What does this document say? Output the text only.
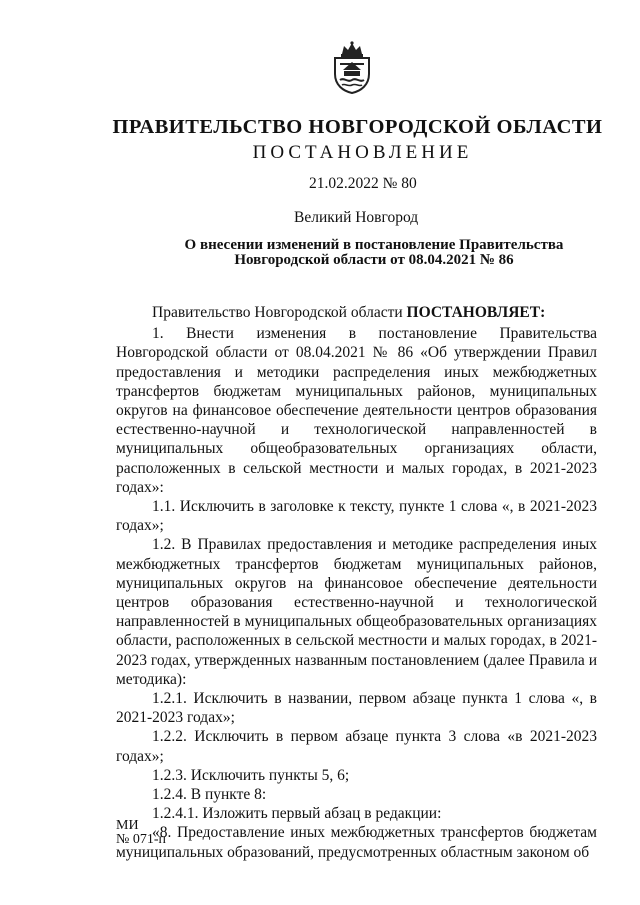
ПРАВИТЕЛЬСТВО НОВГОРОДСКОЙ ОБЛАСТИ
ПОСТАНОВЛЕНИЕ
21.02.2022 № 80
Великий Новгород
О внесении изменений в постановление Правительства
Новгородской области от 08.04.2021 № 86

Правительство Новгородской области ПОСТАНОВЛЯЕТ:

1. Внести изменения в постановление Правительства Новгородской области от 08.04.2021 № 86 «Об утверждении Правил предоставления и методики распределения иных межбюджетных трансфертов бюджетам муниципальных районов, муниципальных округов на финансовое обеспечение деятельности центров образования естественно-научной и технологической направленностей в муниципальных общеобразовательных организациях области, расположенных в сельской местности и малых городах, в 2021-2023 годах»:

1.1. Исключить в заголовке к тексту, пункте 1 слова «, в 2021-2023 годах»;

1.2. В Правилах предоставления и методике распределения иных межбюджетных трансфертов бюджетам муниципальных районов, муниципальных округов на финансовое обеспечение деятельности центров образования естественно-научной и технологической направленностей в муниципальных общеобразовательных организациях области, расположенных в сельской местности и малых городах, в 2021-2023 годах, утвержденных названным постановлением (далее Правила и методика):

1.2.1. Исключить в названии, первом абзаце пункта 1 слова «, в 2021-2023 годах»;

1.2.2. Исключить в первом абзаце пункта 3 слова «в 2021-2023 годах»;

1.2.3. Исключить пункты 5, 6;

1.2.4. В пункте 8:

1.2.4.1. Изложить первый абзац в редакции:

«8. Предоставление иных межбюджетных трансфертов бюджетам муниципальных образований, предусмотренных областным законом об

МИ
№ 071-п
